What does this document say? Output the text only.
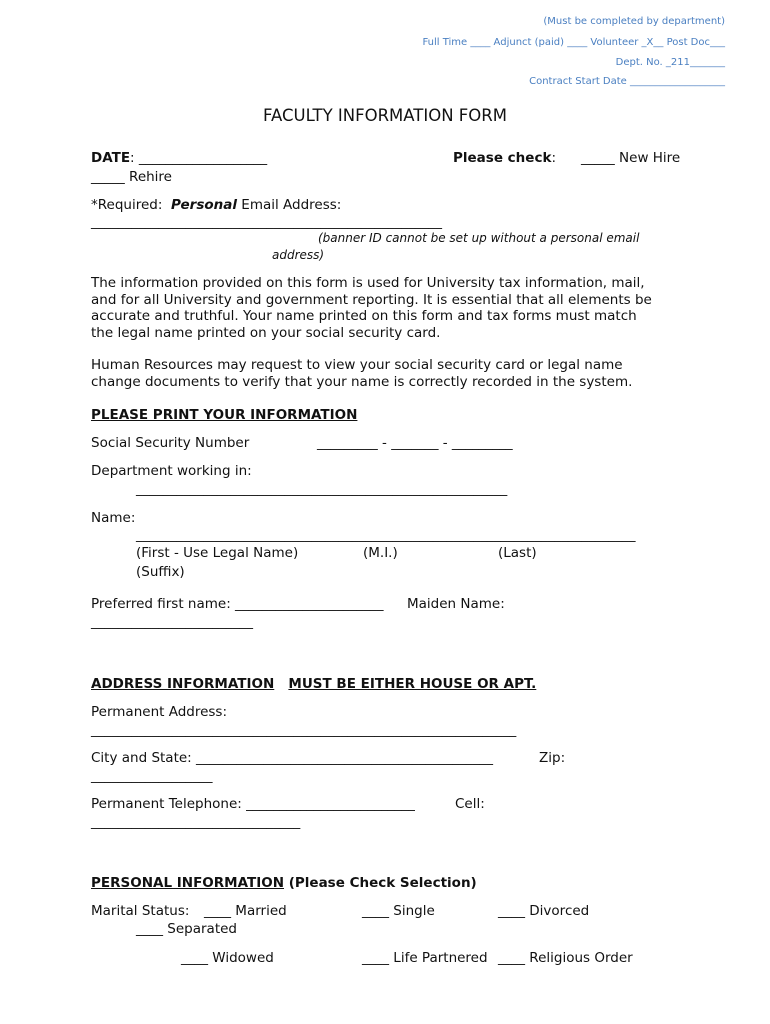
(Must be completed by department)
Full Time ____ Adjunct (paid) ____ Volunteer _X__ Post Doc___
Dept. No. _211_______
Contract Start Date ___________________
FACULTY INFORMATION FORM
DATE: ___________________	Please check: _____ New Hire
_____ Rehire
*Required: Personal Email Address:
____________________________________________________
(banner ID cannot be set up without a personal email
address)
The information provided on this form is used for University tax information, mail,
and for all University and government reporting. It is essential that all elements be
accurate and truthful. Your name printed on this form and tax forms must match
the legal name printed on your social security card.
Human Resources may request to view your social security card or legal name
change documents to verify that your name is correctly recorded in the system.
PLEASE PRINT YOUR INFORMATION
Social Security Number	_________ - _______ - _________
Department working in:
_______________________________________________________
Name:
__________________________________________________________________________
(First - Use Legal Name)	(M.I.)	(Last)
(Suffix)
Preferred first name: ______________________ Maiden Name:
________________________
ADDRESS INFORMATION MUST BE EITHER HOUSE OR APT.
Permanent Address:
_______________________________________________________________
City and State: ____________________________________________	Zip:
__________________
Permanent Telephone: _________________________	Cell:
_______________________________
PERSONAL INFORMATION (Please Check Selection)
Marital Status: ____ Married	____ Single	____ Divorced
____ Separated
____ Widowed	____ Life Partnered ____ Religious Order
